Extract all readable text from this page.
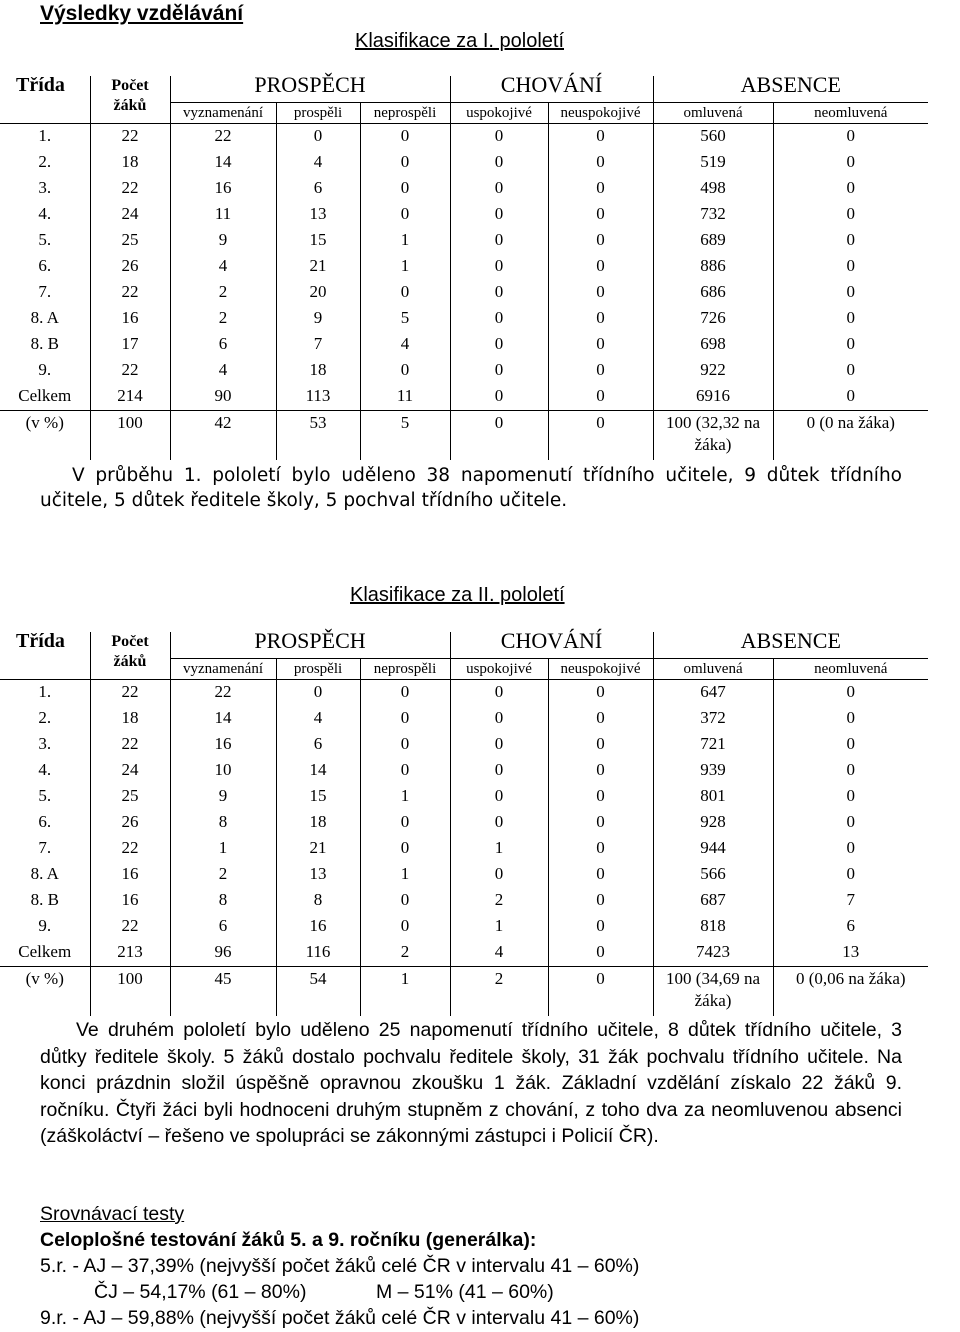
Výsledky vzdělávání
Klasifikace za I. pololetí
Třída	Počet
žáků	PROSPĚCH			CHOVÁNÍ		ABSENCE	
		vyznamenání	prospěli	neprospěli	uspokojivé	neuspokojivé	omluvená	neomluvená
1.	22	22	0	0	0	0	560	0
2.	18	14	4	0	0	0	519	0
3.	22	16	6	0	0	0	498	0
4.	24	11	13	0	0	0	732	0
5.	25	9	15	1	0	0	689	0
6.	26	4	21	1	0	0	886	0
7.	22	2	20	0	0	0	686	0
8. A	16	2	9	5	0	0	726	0
8. B	17	6	7	4	0	0	698	0
9.	22	4	18	0	0	0	922	0
Celkem	214	90	113	11	0	0	6916	0
(v %)	100	42	53	5	0	0	100 (32,32 na žáka)	0 (0 na žáka)
V průběhu 1. pololetí bylo uděleno 38 napomenutí třídního učitele, 9 důtek třídního učitele, 5 důtek ředitele školy, 5 pochval třídního učitele.
Klasifikace za II. pololetí
Třída	Počet
žáků	PROSPĚCH			CHOVÁNÍ		ABSENCE	
		vyznamenání	prospěli	neprospěli	uspokojivé	neuspokojivé	omluvená	neomluvená
1.	22	22	0	0	0	0	647	0
2.	18	14	4	0	0	0	372	0
3.	22	16	6	0	0	0	721	0
4.	24	10	14	0	0	0	939	0
5.	25	9	15	1	0	0	801	0
6.	26	8	18	0	0	0	928	0
7.	22	1	21	0	1	0	944	0
8. A	16	2	13	1	0	0	566	0
8. B	16	8	8	0	2	0	687	7
9.	22	6	16	0	1	0	818	6
Celkem	213	96	116	2	4	0	7423	13
(v %)	100	45	54	1	2	0	100 (34,69 na žáka)	0 (0,06 na žáka)
Ve druhém pololetí bylo uděleno 25 napomenutí třídního učitele, 8 důtek třídního učitele, 3 důtky ředitele školy. 5 žáků dostalo pochvalu ředitele školy, 31 žák pochvalu třídního učitele. Na konci prázdnin složil úspěšně opravnou zkoušku 1 žák. Základní vzdělání získalo 22 žáků 9. ročníku. Čtyři žáci byli hodnoceni druhým stupněm z chování, z toho dva za neomluvenou absenci (záškoláctví – řešeno ve spolupráci se zákonnými zástupci i Policií ČR).
Srovnávací testy
Celoplošné testování žáků 5. a 9. ročníku (generálka):
5.r. - AJ – 37,39% (nejvyšší počet žáků celé ČR v intervalu 41 – 60%)
ČJ – 54,17% (61 – 80%)	M – 51% (41 – 60%)
9.r. - AJ – 59,88% (nejvyšší počet žáků celé ČR v intervalu 41 – 60%)
